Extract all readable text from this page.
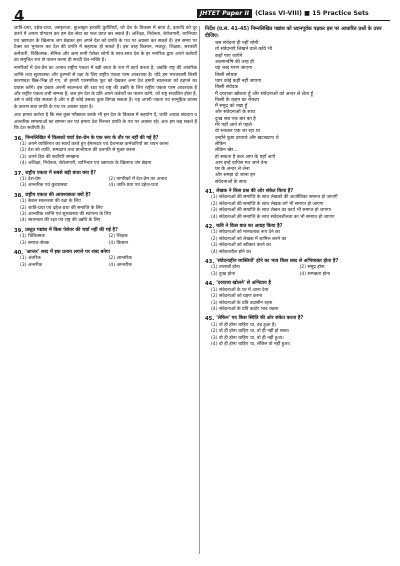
4	JHTET Paper II (Class VI-VIII) ■ 15 Practice Sets

जाति-प्रथा, दहेज-प्रथा, अस्पृश्यता, छुआछूत इत्यादि कुरीतियाँ, जो देश के विकास में बाधा है, इत्यादि को दूर करने में अपना योगदान कर हम देश-सेवा का फल प्राप्त कर सकते हैं। अशिक्षा, निर्धनता, बेरोजगारी, व्यभिचार एवं भ्रष्टाचार के खिलाफ जंग छेड़कर हम अपने देश को प्रगति के पथ पर अग्रसर कर सकते हैं। हम समय पर टैक्स का भुगतान कर देश की प्रगति में सहायक हो सकते हैं। इस तरह किसान, मजदूर, शिक्षक, सरकारी कर्मचारी, चिकित्सक, सैनिक और अन्य सभी पेशेवर लोगों के साथ-साथ देश के हर नागरिक द्वारा अपने कर्तव्यों का समुचित रूप से पालन करना ही सच्ची देश-भक्ति है।

नागरिकों में देश-प्रेम का अभाव राष्ट्रीय एकता में बड़ी बाधा के रूप में कार्य करता है, जबकि राष्ट्र की आंतरिक शान्ति तथा सुव्यवस्था और दुश्मनों से रक्षा के लिए राष्ट्रीय एकता परम आवश्यक है। यदि हम भारतवासी किसी कारणवश छिन्न-भिन्न हो गए, तो हमारी पारस्परिक फूट को देखकर अन्य देश हमारी स्वतन्त्रता को हड़पने का प्रयास करेंगे। इस प्रकार अपनी स्वतन्त्रता की रक्षा एवं राष्ट्र की उन्नति के लिए राष्ट्रीय एकता परम आवश्यक है और राष्ट्रीय एकता तभी सम्भव है, जब हम देश के प्रति अपने कर्तव्यों का पालन करेंगे, जो राष्ट्र संचालित होता है, उसे न कोई तोड़ सकता है और न ही कोई उसका कुछ बिगाड़ सकता है। यह अपनी एकता एवं सामूहिक प्रयास के कारण सदा प्रगति के पथ पर अग्रसर रहता है।

अतः हमारा कर्तव्य है कि सब कुछ न्यौछावर करके भी हम देश के विकास में सहयोग दें, जाति अथवा संप्रदाय व आन्तरिक समस्याओं का सामना कर एवं हमारा देश निरन्तर प्रगति के पथ पर अग्रसर रहे। अतः हम कह सकते हैं कि देश सर्वोपरि है।

36. निम्नलिखित में किसको चर्चा देश-प्रेम के एक रूप के तौर पर नहीं की गई है?
(1) अपने व्यक्तिगत का स्वार्थ करते हुए ईमानदार एवं देशभक्त कर्मचारियों का चयन करना
(2) देश को जाति, सम्प्रदाय तथा प्रान्तीयता की दलगति से मुक्त करना
(3) अपने हित की सर्वोपरि समझना
(4) अशिक्षा, निर्धनता, बेरोजगारी, व्यभिचार एवं भ्रष्टाचार के खिलाफ जंग छेड़ना
37. राष्ट्रीय एकता में सबसे बड़ी बाधा क्या है?
(1) देश-प्रेम	(2) नागरिकों में देश-प्रेम का अभाव
(3) आन्तरिक एवं कुव्यवस्था	(4) जाति-प्रथा एवं दहेज-प्रथा
38. राष्ट्रीय एकता की आवश्यकता क्यों है?
(1) केवल स्वतन्त्रता की रक्षा के लिए
(2) जाति-प्रथा एवं दहेज-प्रथा की समाप्ति के लिए
(3) आन्तरिक शान्ति एवं सुव्यवस्था की स्थापना के लिए
(4) स्वतन्त्रता की रक्षा एवं राष्ट्र की उन्नति के लिए
39. प्रस्तुत गद्यांश में किस पेशेवर की चर्चा नहीं की गई है?
(1) चिकित्सक	(2) शिक्षक
(3) समाज-सेवक	(4) किसान
40. 'आन्तर' शब्द में इक प्रत्यय लगाने पर शब्द बनेगा
(1) अंतरिक	(2) आन्तरिक
(3) अन्तरीक	(4) आन्तरीक
निर्देश (प्र.सं. 41-45) निम्नलिखित पद्यांश को ध्यानपूर्वक पढ़कर इस पर आधारित प्रश्नों के उत्तर दीजिए।
जब संवेदना ही नहीं रहेगी
तो संवेदनाएँ लिखने वाले कवि भी
कहाँ पाए जाएँगे
आत्मान्वेषि की तरह ही
यह शब्द मरण जाएगा
किसी सोचक
प्यार कोई कहीं नहीं जाएगा
किसी संवेदक
मैं दरवाजा खोलता हूँ और संवेदनाओं को अन्दर ले लेता हूँ
किसी के कहन का रोकता
मैं समुद्र को रखा हूँ
और संवेदनाओं के साथ
दुःख सब एक बार का है
मेरे पहाँ आने से पहले
वो रुककर एक जा रहा था
उन्होंने कुछ दरवाजे और खटखटाए थे
लेकिन
लेकिन खेर...
हो सकता है कल आप के यहाँ आएँ
आप इन्हें वापिस मत जाने देना
घर के अन्दर ले लेना
और समझ दो जाना इन
संवेदनाओं के साथ
41. लेखक ने किस प्रश्न की ओर संकेत किया है?
(1) संवेदनाओं की समाप्ति के साथ लेखकों की आजीविका समाप्त हो जाएगी
(2) संवेदनाओं की समाप्ति के साथ लेखक वर्ग भी समाप्त हो जाएगा
(3) संवेदनाओं की समाप्ति के साथ लेखन का कार्य भी समाप्त हो जाएगा
(4) संवेदनाओं की समाप्ति के साथ संवेदनशीलता का भी समाप्त हो जाएगा
42. कवि ने किस बात का आग्रह किया है?
(1) संवेदनाओं को मानवताक रूप देने का
(2) संवेदनाओं को लेखक में शामिल करने का
(3) संवेदनाओं को स्वीकार करने का
(4) संवेदनशील होने का
43. 'संवेदनाहीन व्यक्तियों' होने का भाव किस शब्द से अभिव्यक्त होता है?
(1) तालाबों होना	(2) समुद्र होना
(3) दुःख होना	(4) सम्पन्नता होना
44. 'दरवाजा खोलने' से अभिप्राय है
(1) संवेदनाओं के घर में आना देना
(2) संवेदनाओं को ग्रहण करना
(3) संवेदनाओं के प्रति उदासीन रहना
(4) संवेदनाओं के प्रति कठोर भाव रखना
45. 'लेकिन' पद किस स्थिति की ओर संकेत करता है?
(1) वो ही होना चाहिए था, वह हुआ है।
(2) वो ही होना चाहिए था, वो ही नहीं हो सका।
(3) वो ही होना चाहिए था, वो ही नहीं हुआ।
(4) वो ही होना चाहिए था, लेकिन वो नहीं हुआ।
